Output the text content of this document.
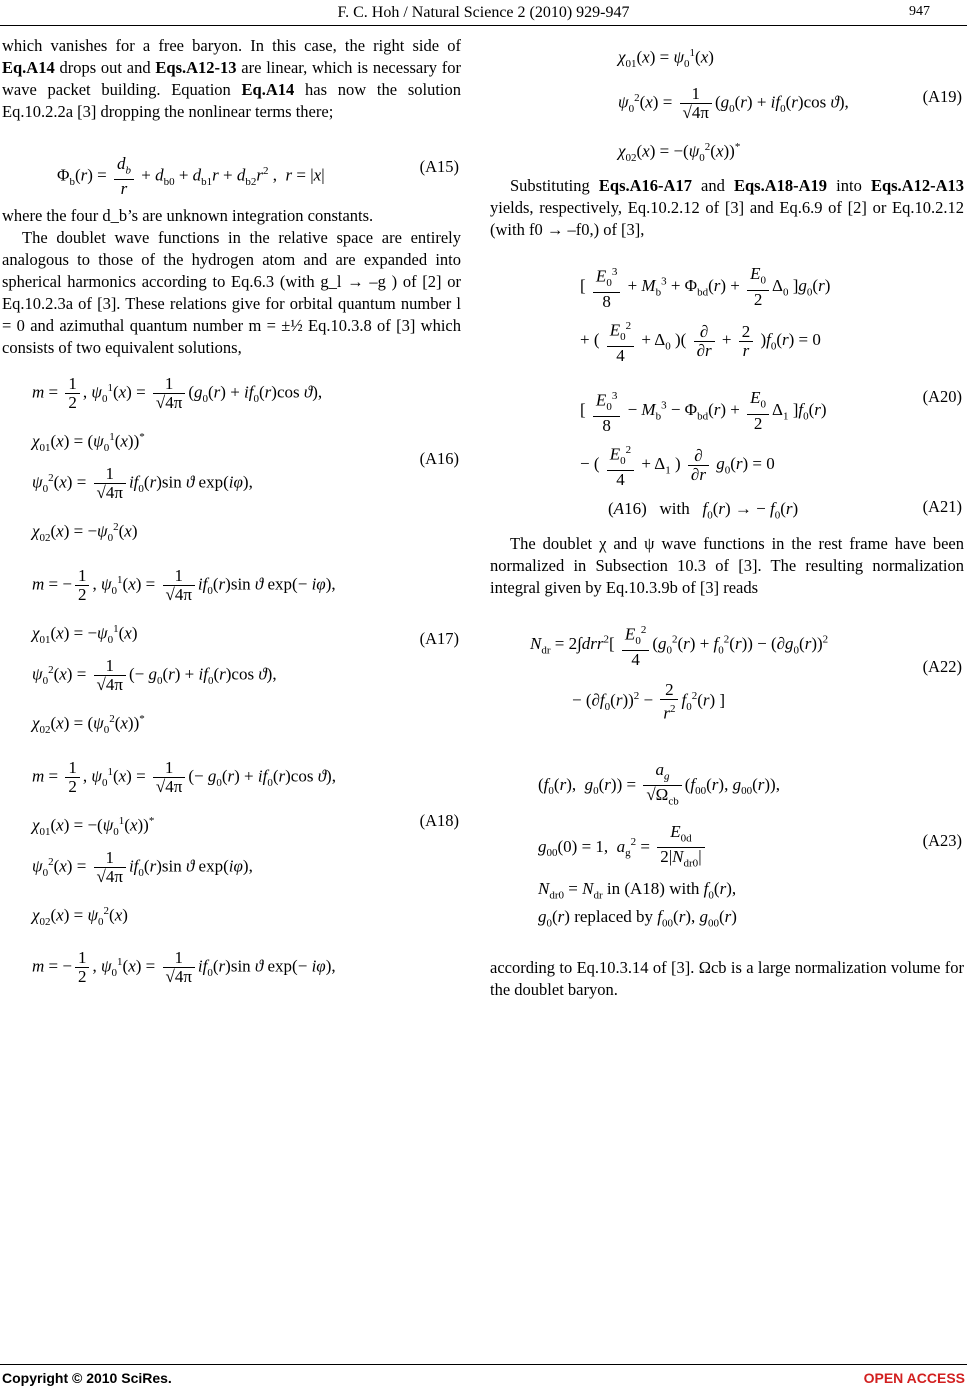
F. C. Hoh / Natural Science 2 (2010) 929-947	947

which vanishes for a free baryon. In this case, the right side of Eq.A14 drops out and Eqs.A12-13 are linear, which is necessary for wave packet building. Equation Eq.A14 has now the solution Eq.10.2.2a [3] dropping the nonlinear terms there;

$\Phi_b(r) = \frac{d_b}{r} + d_{b0} + d_{b1}r + d_{b2}r^2$ ,  r = |x|	(A15)

where the four d_b’s are unknown integration constants.

The doublet wave functions in the relative space are entirely analogous to those of the hydrogen atom and are expanded into spherical harmonics according to Eq.6.3 (with g_l → –g ) of [2] or Eq.10.2.3a of [3]. These relations give for orbital quantum number l = 0 and azimuthal quantum number m = ±½ Eq.10.3.8 of [3] which consists of two equivalent solutions,

$m = \frac{1}{2}$ , $\psi_0^1(x) = \frac{1}{√4\pi} (g_0(r) + if_0(r)\cos$ ϑ),
$\chi_{01}(x) = (\psi_0^1(x))^*$
$\psi_0^2(x) = \frac{1}{√4\pi} if_0(r)\sin$ ϑ exp(iφ),
$\chi_{02}(x) = -\psi_0^2(x)$
(A16)
m = − $\frac{1}{2}$ , $\psi_0^1(x) = \frac{1}{√4\pi} if_0(r)\sin$ ϑ exp(− iφ),
$\chi_{01}(x) = -\psi_0^1(x)$
$\psi_0^2(x) = \frac{1}{√4\pi}$ (− $g_0(r) + if_0(r)\cos$ ϑ),
$\chi_{02}(x) = (\psi_0^2(x))^*$
(A17)
$m = \frac{1}{2}$ , $\psi_0^1(x) = \frac{1}{√4\pi}$ (− $g_0(r) + if_0(r)\cos$ ϑ),
$\chi_{01}(x) = -(\psi_0^1(x))^*$
$\psi_0^2(x) = \frac{1}{√4\pi} if_0(r)\sin$ ϑ exp(iφ),
$\chi_{02}(x) = \psi_0^2(x)$
(A18)
m = − $\frac{1}{2}$ , $\psi_0^1(x) = \frac{1}{√4\pi} if_0(r)\sin$ ϑ exp(− iφ),
$\chi_{01}(x) = \psi_0^1(x)$
$\psi_0^2(x) = \frac{1}{√4\pi} (g_0(r) + if_0(r)\cos$ ϑ),
$\chi_{02}(x) = -(\psi_0^2(x))^*$
(A19)

Substituting Eqs.A16-A17 and Eqs.A18-A19 into Eqs.A12-A13 yields, respectively, Eq.10.2.12 of [3] and Eq.6.9 of [2] or Eq.10.2.12 (with f0 → –f0,) of [3],

[ $\frac{E_0^3}{8} + M_b^3 + \Phi_{bd}(r) + \frac{E_0}{2} \Delta_0$ ]$g_0(r)$
+ ( $\frac{E_0^2}{4} + \Delta_0$ )( $\frac{\partial}{\partial r} + \frac{2}{r} )f_0(r) = 0$
[ $\frac{E_0^3}{8} - M_b^3 - \Phi_{bd}(r) + \frac{E_0}{2} \Delta_1$ ]$f_0(r)$
− ( $\frac{E_0^2}{4} + \Delta_1$ ) $\frac{\partial}{\partial r} g_0(r) = 0$
(A20)
(A16)   with   $f_0(r)$ → − $f_0(r)$	(A21)

The doublet χ and ψ wave functions in the rest frame have been normalized in Subsection 10.3 of [3]. The resulting normalization integral given by Eq.10.3.9b of [3] reads

$N_{dr} = 2\int drr^2[ \frac{E_0^2}{4} (g_0^2(r) + f_0^2(r)) - (\partial g_0(r))^2$
− $(\partial f_0(r))^2 - \frac{2}{r^2} f_0^2(r)$ ]
(A22)
($f_0(r)$,  $g_0(r)) = \frac{a_g}{√\Omega_{cb}} (f_{00}(r)$, $g_{00}(r)$),
$g_{00}(0) = 1$,  $a_g^2 = \frac{E_{0d}}{2|N_{dr0}|}$
$N_{dr0} = N_{dr}$ in (A18) with $f_0(r)$,
$g_0(r)$ replaced by $f_{00}(r)$, $g_{00}(r)$
(A23)

according to Eq.10.3.14 of [3]. Ωcb is a large normalization volume for the doublet baryon.

Copyright © 2010 SciRes.	OPEN ACCESS
